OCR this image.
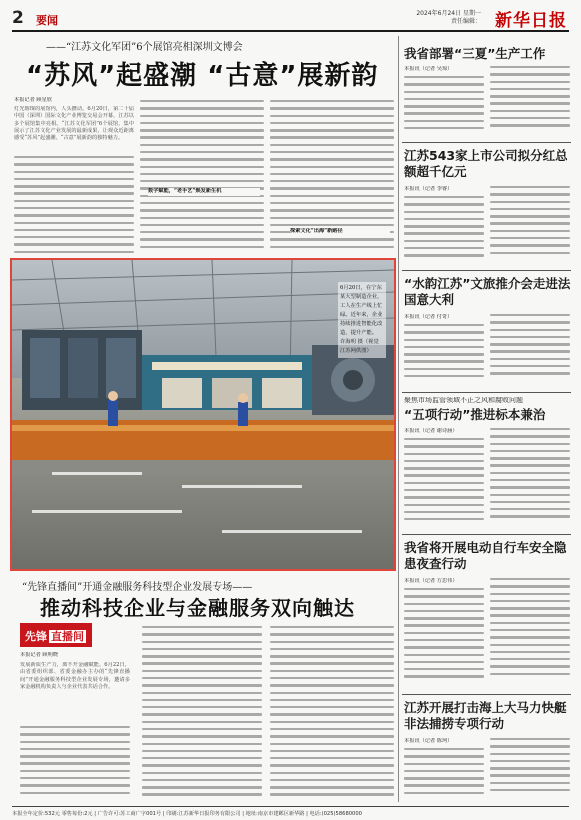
2 要闻
2024年6月24日 星期一
责任编辑： 新华日报
——“江苏文化军团”6个展馆亮相深圳文博会
“苏风”起盛潮 “古意”展新韵
本报记者 顾星欣
灯光璀璨的展馆内，人头攒动。6月20日，第二十届中国（深圳）国际文化产业博览交易会开幕，江苏以多个展馆集中亮相。“江苏文化军团”6个展馆，集中展示了江苏文化产业发展的最新成果，让观众近距离感受“苏风”起盛潮、“古意”展新韵的独特魅力。
数字赋能，“老手艺”焕发新生机
探索文化“出海”新路径
6月20日，在宁东某大型制造企业，工人在生产线上忙碌。近年来，企业持续推进智能化改造，提升产能。 许海明 摄（视觉江苏网供图）
“先锋直播间”开通金融服务科技型企业发展专场——
推动科技企业与金融服务双向触达
先锋 直播间
本报记者 顾明晓
发展新质生产力，离不开金融赋能。6月22日，由省委组织部、省委金融办主办的“先锋直播间”开通金融服务科技型企业发展专场，邀请多家金融机构负责人与企业代表共话合作。
我省部署“三夏”生产工作
本报讯（记者 吴琼）
江苏543家上市公司拟分红总额超千亿元
本报讯（记者 李睿）
“水韵江苏”文旅推介会走进法国意大利
本报讯（记者 付奇）
聚焦市场监管领域不正之风和腐败问题
“五项行动”推进标本兼治
本报讯（记者 谢诗涵）
我省将开展电动自行车安全隐患夜查行动
本报讯（记者 方思伟）
江苏开展打击海上大马力快艇非法捕捞专项行动
本报讯（记者 陈珂）
本报全年定价:532元 零售每份:2元 | 广告许可:苏工商广字001号 | 印刷:江苏新华日报印务有限公司 | 地址:南京市建邺区新华路 | 电话:(025)58680000
